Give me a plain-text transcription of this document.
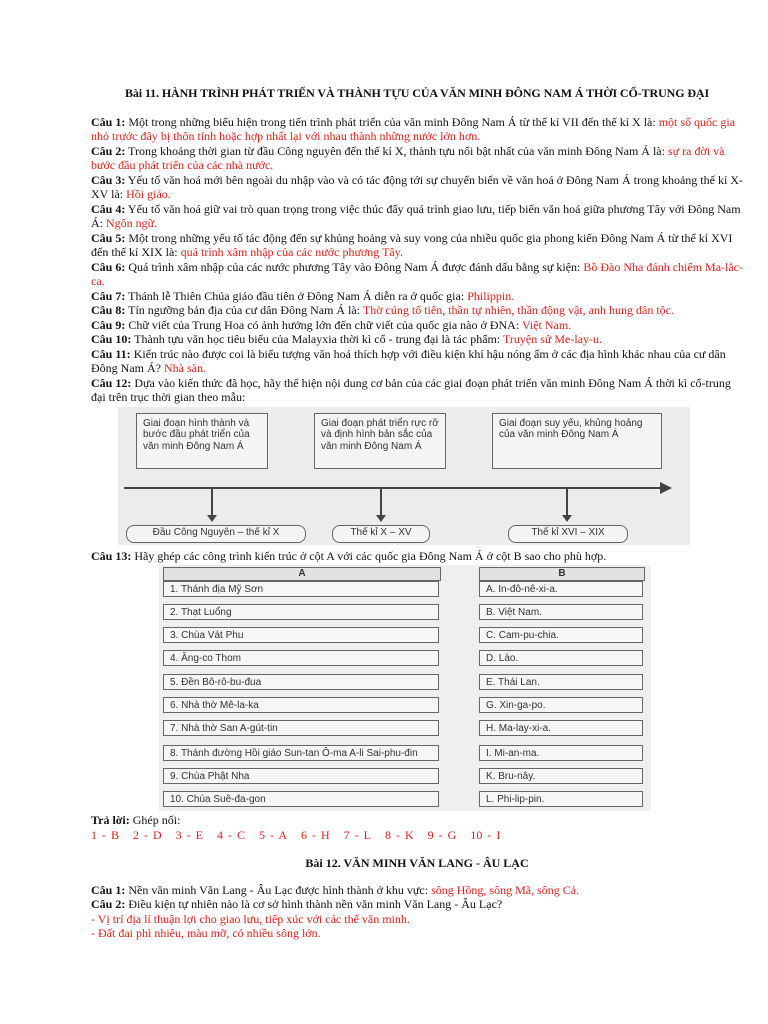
Bài 11. HÀNH TRÌNH PHÁT TRIỂN VÀ THÀNH TỰU CỦA VĂN MINH ĐÔNG NAM Á THỜI CỔ-TRUNG ĐẠI

Câu 1: Một trong những biểu hiện trong tiến trình phát triển của văn minh Đông Nam Á từ thế kỉ VII đến thế kỉ X là: một số quốc gia nhỏ trước đây bị thôn tính hoặc hợp nhất lại với nhau thành những nước lớn hơn.

Câu 2: Trong khoảng thời gian từ đầu Công nguyên đến thế kỉ X, thành tựu nổi bật nhất của văn minh Đông Nam Á là: sự ra đời và bước đầu phát triển của các nhà nước.

Câu 3: Yếu tố văn hoá mới bên ngoài du nhập vào và có tác động tới sự chuyển biến về văn hoá ở Đông Nam Á trong khoảng thế kỉ X- XV là: Hồi giáo.

Câu 4: Yếu tố văn hoá giữ vai trò quan trọng trong việc thúc đẩy quá trình giao lưu, tiếp biến văn hoá giữa phương Tây với Đông Nam Á: Ngôn ngữ.

Câu 5: Một trong những yếu tố tác động đến sự khủng hoảng và suy vong của nhiều quốc gia phong kiến Đông Nam Á từ thế kỉ XVI đến thế kỉ XIX là: quá trình xâm nhập của các nước phương Tây.

Câu 6: Quá trình xâm nhập của các nước phương Tây vào Đông Nam Á được đánh dấu bằng sự kiện: Bồ Đào Nha đánh chiếm Ma-lắc-ca.

Câu 7: Thánh lễ Thiên Chúa giáo đầu tiên ở Đông Nam Á diễn ra ở quốc gia: Philippin.

Câu 8: Tín ngưỡng bản địa của cư dân Đông Nam Á là: Thờ cúng tổ tiên, thần tự nhiên, thần động vật, anh hung dân tộc.

Câu 9: Chữ viết của Trung Hoa có ảnh hưởng lớn đến chữ viết của quốc gia nào ở ĐNA: Việt Nam.

Câu 10: Thành tựu văn học tiêu biểu của Malayxia thời kì cổ - trung đại là tác phẩm: Truyện sử Me-lay-u.

Câu 11: Kiến trúc nào được coi là biểu tượng văn hoá thích hợp với điều kiện khí hậu nóng ẩm ở các địa hình khác nhau của cư dân Đông Nam Á? Nhà sàn.

Câu 12: Dựa vào kiến thức đã học, hãy thể hiện nội dung cơ bản của các giai đoạn phát triển văn minh Đông Nam Á thời kì cổ-trung đại trên trục thời gian theo mẫu:

Giai đoạn hình thành và bước đầu phát triển của văn minh Đông Nam Á
Giai đoạn phát triển rực rỡ và định hình bản sắc của văn minh Đông Nam Á
Giai đoạn suy yếu, khủng hoảng của văn minh Đông Nam Á
Đầu Công Nguyên – thế kỉ X	Thế kỉ X – XV	Thế kỉ XVI – XIX

Câu 13: Hãy ghép các công trình kiến trúc ở cột A với các quốc gia Đông Nam Á ở cột B sao cho phù hợp.

A	B
1. Thánh địa Mỹ Sơn	A. In-đô-nê-xi-a.
2. Thạt Luổng	B. Việt Nam.
3. Chùa Vát Phu	C. Cam-pu-chia.
4. Ăng-co Thom	D. Lào.
5. Đền Bô-rô-bu-đua	E. Thái Lan.
6. Nhà thờ Mê-la-ka	G. Xin-ga-po.
7. Nhà thờ San A-gút-tin	H. Ma-lay-xi-a.
8. Thánh đường Hồi giáo Sun-tan Ô-ma A-li Sai-phu-đin	I. Mi-an-ma.
9. Chùa Phật Nha	K. Bru-nây.
10. Chùa Suê-đa-gon	L. Phi-lip-pin.

Trả lời: Ghép nối:

1 - B 2 - D 3 - E 4 - C 5 - A 6 - H 7 - L 8 - K 9 - G 10 - I

Bài 12. VĂN MINH VĂN LANG - ÂU LẠC

Câu 1: Nền văn minh Văn Lang - Âu Lạc được hình thành ở khu vực: sông Hồng, sông Mã, sông Cả.

Câu 2: Điều kiện tự nhiên nào là cơ sở hình thành nền văn minh Văn Lang - Âu Lạc?

- Vị trí địa lí thuận lợi cho giao lưu, tiếp xúc với các thế văn minh.

- Đất đai phì nhiêu, màu mỡ, có nhiều sông lớn.
